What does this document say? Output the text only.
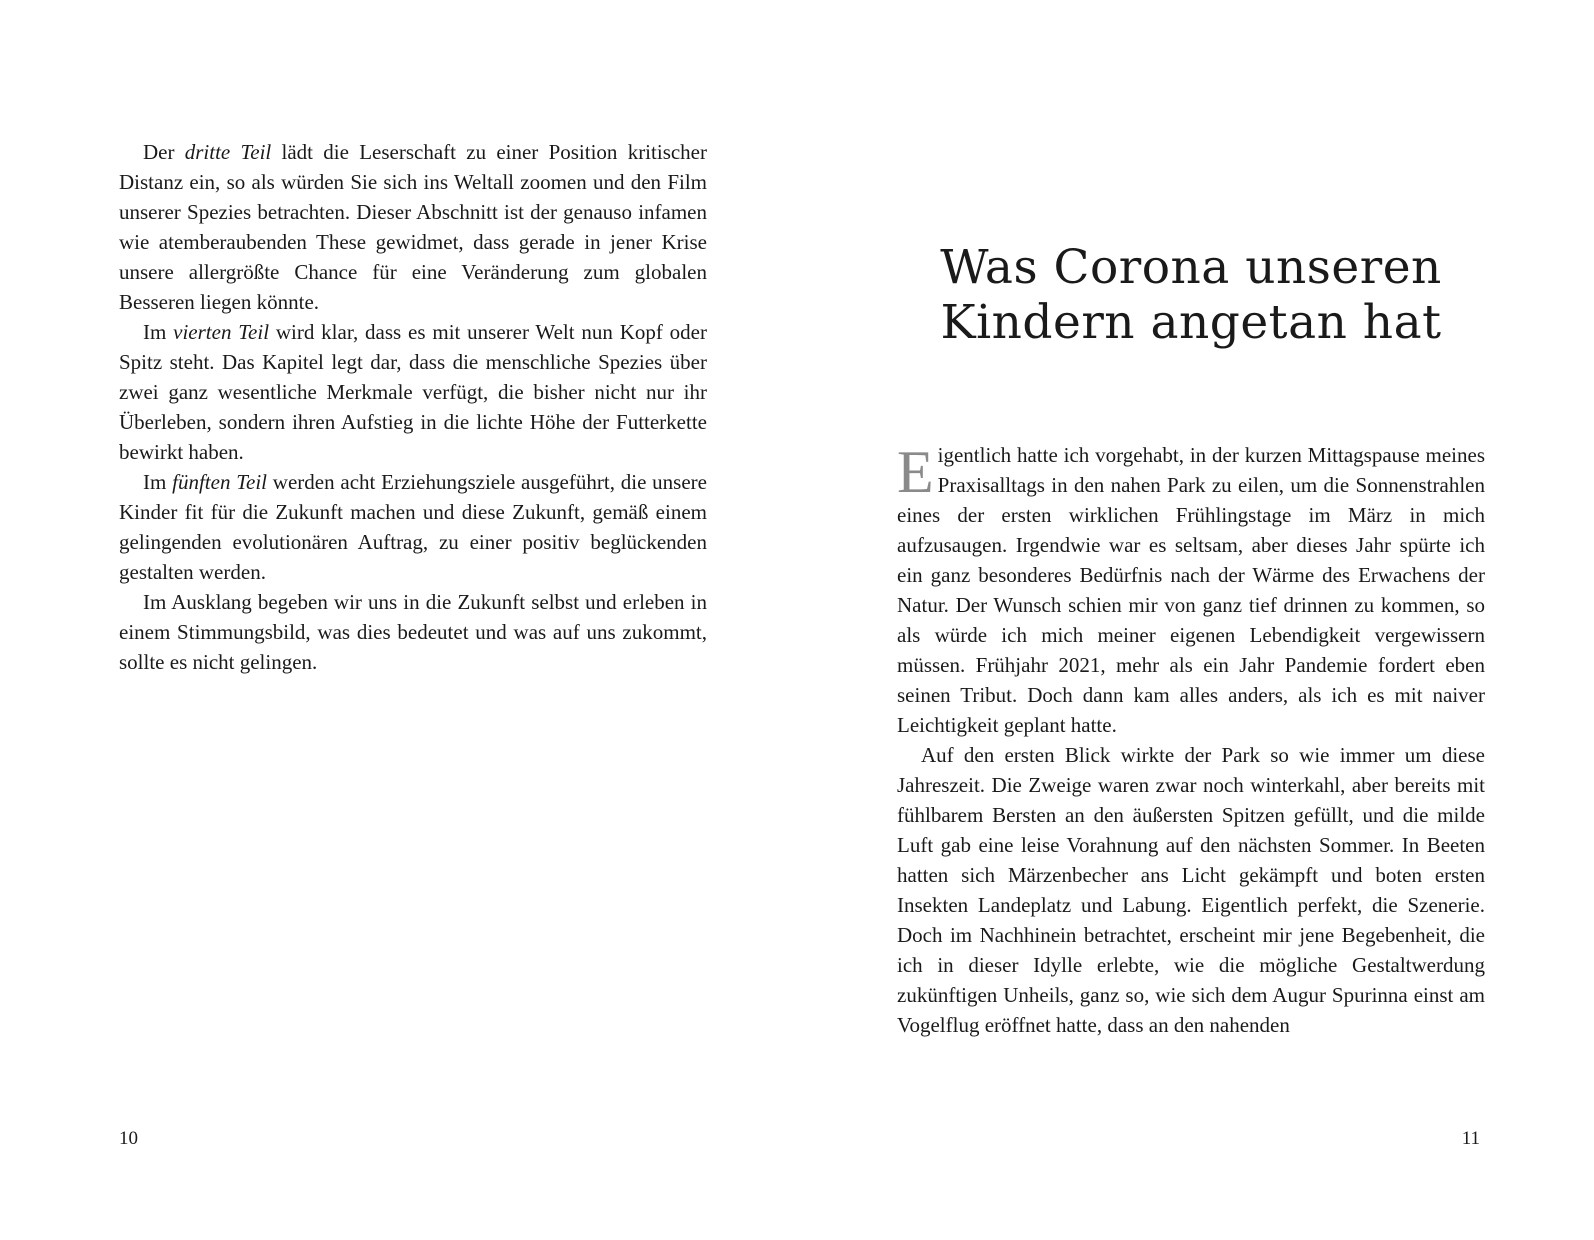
Der dritte Teil lädt die Leserschaft zu einer Position kritischer Distanz ein, so als würden Sie sich ins Weltall zoomen und den Film unserer Spezies betrachten. Dieser Abschnitt ist der genauso infamen wie atemberaubenden These gewidmet, dass gerade in jener Krise unsere allergrößte Chance für eine Veränderung zum globalen Besseren liegen könnte.

Im vierten Teil wird klar, dass es mit unserer Welt nun Kopf oder Spitz steht. Das Kapitel legt dar, dass die menschliche Spezies über zwei ganz wesentliche Merkmale verfügt, die bisher nicht nur ihr Überleben, sondern ihren Aufstieg in die lichte Höhe der Futterkette bewirkt haben.

Im fünften Teil werden acht Erziehungsziele ausgeführt, die unsere Kinder fit für die Zukunft machen und diese Zukunft, gemäß einem gelingenden evolutionären Auftrag, zu einer positiv beglückenden gestalten werden.

Im Ausklang begeben wir uns in die Zukunft selbst und erleben in einem Stimmungsbild, was dies bedeutet und was auf uns zukommt, sollte es nicht gelingen.

10
Was Corona unseren
Kindern angetan hat

Eigentlich hatte ich vorgehabt, in der kurzen Mittagspause meines Praxisalltags in den nahen Park zu eilen, um die Sonnenstrahlen eines der ersten wirklichen Frühlingstage im März in mich aufzusaugen. Irgendwie war es seltsam, aber dieses Jahr spürte ich ein ganz besonderes Bedürfnis nach der Wärme des Erwachens der Natur. Der Wunsch schien mir von ganz tief drinnen zu kommen, so als würde ich mich meiner eigenen Lebendigkeit vergewissern müssen. Frühjahr 2021, mehr als ein Jahr Pandemie fordert eben seinen Tribut. Doch dann kam alles anders, als ich es mit naiver Leichtigkeit geplant hatte.

Auf den ersten Blick wirkte der Park so wie immer um diese Jahreszeit. Die Zweige waren zwar noch winterkahl, aber bereits mit fühlbarem Bersten an den äußersten Spitzen gefüllt, und die milde Luft gab eine leise Vorahnung auf den nächsten Sommer. In Beeten hatten sich Märzenbecher ans Licht gekämpft und boten ersten Insekten Landeplatz und Labung. Eigentlich perfekt, die Szenerie. Doch im Nachhinein betrachtet, erscheint mir jene Begebenheit, die ich in dieser Idylle erlebte, wie die mögliche Gestaltwerdung zukünftigen Unheils, ganz so, wie sich dem Augur Spurinna einst am Vogelflug eröffnet hatte, dass an den nahenden

11
